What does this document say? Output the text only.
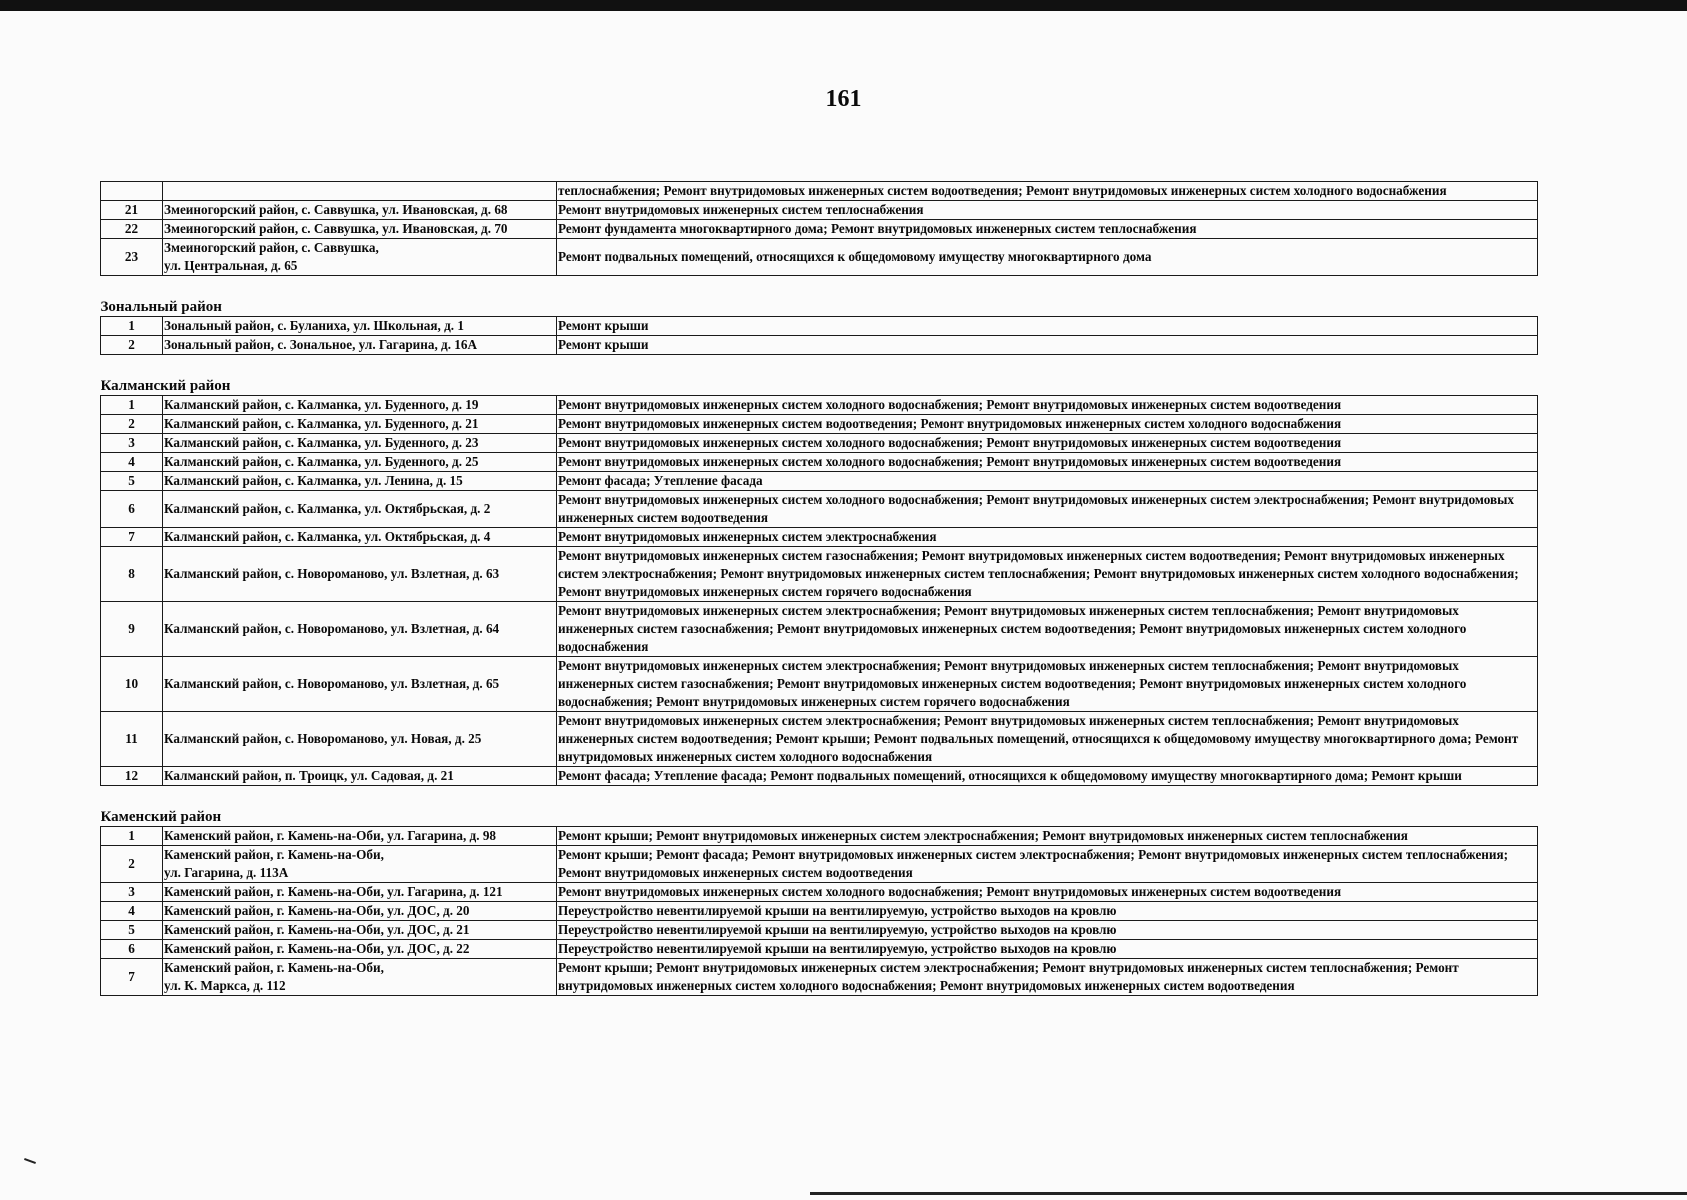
161
		теплоснабжения; Ремонт внутридомовых инженерных систем водоотведения; Ремонт внутридомовых инженерных систем холодного водоснабжения
21	Змеиногорский район, с. Саввушка, ул. Ивановская, д. 68	Ремонт внутридомовых инженерных систем теплоснабжения
22	Змеиногорский район, с. Саввушка, ул. Ивановская, д. 70	Ремонт фундамента многоквартирного дома; Ремонт внутридомовых инженерных систем теплоснабжения
23	Змеиногорский район, с. Саввушка,
ул. Центральная, д. 65	Ремонт подвальных помещений, относящихся к общедомовому имуществу многоквартирного дома
Зональный район		
1	Зональный район, с. Буланиха, ул. Школьная, д. 1	Ремонт крыши
2	Зональный район, с. Зональное, ул. Гагарина, д. 16А	Ремонт крыши
Калманский район		
1	Калманский район, с. Калманка, ул. Буденного, д. 19	Ремонт внутридомовых инженерных систем холодного водоснабжения; Ремонт внутридомовых инженерных систем водоотведения
2	Калманский район, с. Калманка, ул. Буденного, д. 21	Ремонт внутридомовых инженерных систем водоотведения; Ремонт внутридомовых инженерных систем холодного водоснабжения
3	Калманский район, с. Калманка, ул. Буденного, д. 23	Ремонт внутридомовых инженерных систем холодного водоснабжения; Ремонт внутридомовых инженерных систем водоотведения
4	Калманский район, с. Калманка, ул. Буденного, д. 25	Ремонт внутридомовых инженерных систем холодного водоснабжения; Ремонт внутридомовых инженерных систем водоотведения
5	Калманский район, с. Калманка, ул. Ленина, д. 15	Ремонт фасада; Утепление фасада
6	Калманский район, с. Калманка, ул. Октябрьская, д. 2	Ремонт внутридомовых инженерных систем холодного водоснабжения; Ремонт внутридомовых инженерных систем электроснабжения; Ремонт внутридомовых инженерных систем водоотведения
7	Калманский район, с. Калманка, ул. Октябрьская, д. 4	Ремонт внутридомовых инженерных систем электроснабжения
8	Калманский район, с. Новороманово, ул. Взлетная, д. 63	Ремонт внутридомовых инженерных систем газоснабжения; Ремонт внутридомовых инженерных систем водоотведения; Ремонт внутридомовых инженерных систем электроснабжения; Ремонт внутридомовых инженерных систем теплоснабжения; Ремонт внутридомовых инженерных систем холодного водоснабжения; Ремонт внутридомовых инженерных систем горячего водоснабжения
9	Калманский район, с. Новороманово, ул. Взлетная, д. 64	Ремонт внутридомовых инженерных систем электроснабжения; Ремонт внутридомовых инженерных систем теплоснабжения; Ремонт внутридомовых инженерных систем газоснабжения; Ремонт внутридомовых инженерных систем водоотведения; Ремонт внутридомовых инженерных систем холодного водоснабжения
10	Калманский район, с. Новороманово, ул. Взлетная, д. 65	Ремонт внутридомовых инженерных систем электроснабжения; Ремонт внутридомовых инженерных систем теплоснабжения; Ремонт внутридомовых инженерных систем газоснабжения; Ремонт внутридомовых инженерных систем водоотведения; Ремонт внутридомовых инженерных систем холодного водоснабжения; Ремонт внутридомовых инженерных систем горячего водоснабжения
11	Калманский район, с. Новороманово, ул. Новая, д. 25	Ремонт внутридомовых инженерных систем электроснабжения; Ремонт внутридомовых инженерных систем теплоснабжения; Ремонт внутридомовых инженерных систем водоотведения; Ремонт крыши; Ремонт подвальных помещений, относящихся к общедомовому имуществу многоквартирного дома; Ремонт внутридомовых инженерных систем холодного водоснабжения
12	Калманский район, п. Троицк, ул. Садовая, д. 21	Ремонт фасада; Утепление фасада; Ремонт подвальных помещений, относящихся к общедомовому имуществу многоквартирного дома; Ремонт крыши
Каменский район		
1	Каменский район, г. Камень-на-Оби, ул. Гагарина, д. 98	Ремонт крыши; Ремонт внутридомовых инженерных систем электроснабжения; Ремонт внутридомовых инженерных систем теплоснабжения
2	Каменский район, г. Камень-на-Оби,
ул. Гагарина, д. 113А	Ремонт крыши; Ремонт фасада; Ремонт внутридомовых инженерных систем электроснабжения; Ремонт внутридомовых инженерных систем теплоснабжения; Ремонт внутридомовых инженерных систем водоотведения
3	Каменский район, г. Камень-на-Оби, ул. Гагарина, д. 121	Ремонт внутридомовых инженерных систем холодного водоснабжения; Ремонт внутридомовых инженерных систем водоотведения
4	Каменский район, г. Камень-на-Оби, ул. ДОС, д. 20	Переустройство невентилируемой крыши на вентилируемую, устройство выходов на кровлю
5	Каменский район, г. Камень-на-Оби, ул. ДОС, д. 21	Переустройство невентилируемой крыши на вентилируемую, устройство выходов на кровлю
6	Каменский район, г. Камень-на-Оби, ул. ДОС, д. 22	Переустройство невентилируемой крыши на вентилируемую, устройство выходов на кровлю
7	Каменский район, г. Камень-на-Оби,
ул. К. Маркса, д. 112	Ремонт крыши; Ремонт внутридомовых инженерных систем электроснабжения; Ремонт внутридомовых инженерных систем теплоснабжения; Ремонт внутридомовых инженерных систем холодного водоснабжения; Ремонт внутридомовых инженерных систем водоотведения
